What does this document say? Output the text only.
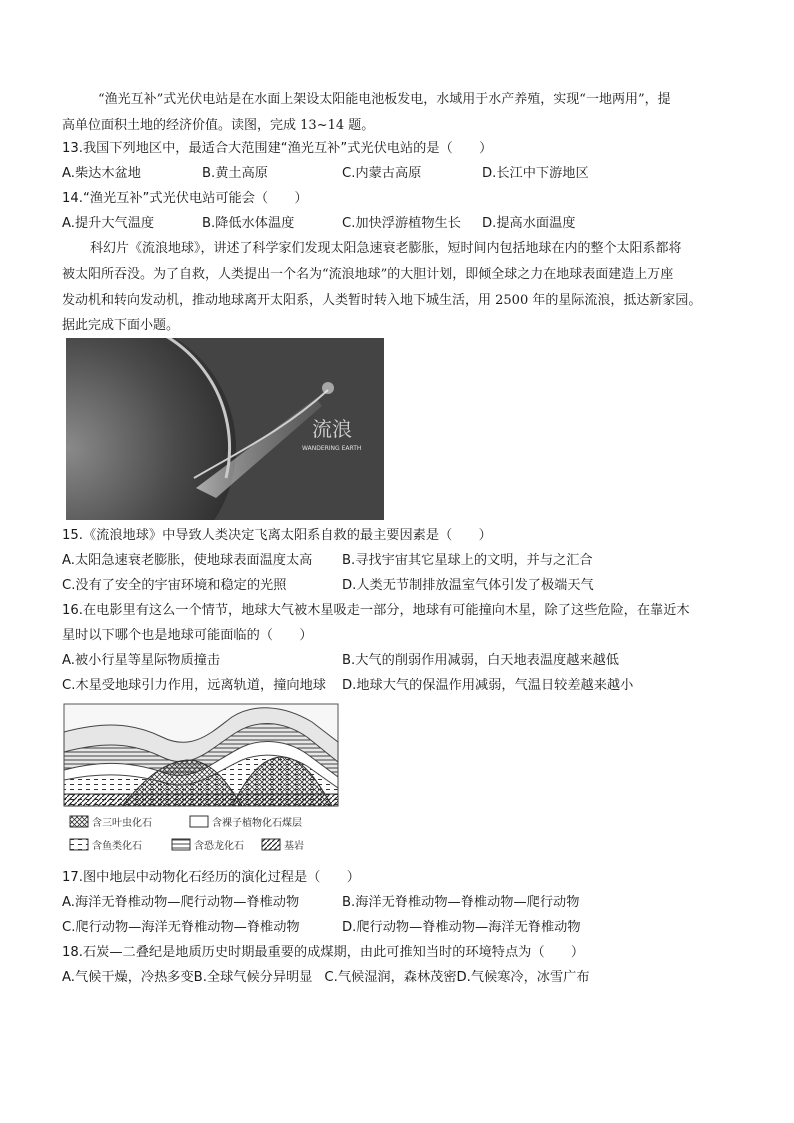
“渔光互补”式光伏电站是在水面上架设太阳能电池板发电，水域用于水产养殖，实现“一地两用”，提
高单位面积土地的经济价值。读图，完成 13~14 题。
13.我国下列地区中，最适合大范围建“渔光互补”式光伏电站的是（　　）
A.柴达木盆地	B.黄土高原	C.内蒙古高原	D.长江中下游地区
14.“渔光互补”式光伏电站可能会（　　）
A.提升大气温度	B.降低水体温度	C.加快浮游植物生长	D.提高水面温度
科幻片《流浪地球》，讲述了科学家们发现太阳急速衰老膨胀，短时间内包括地球在内的整个太阳系都将
被太阳所吞没。为了自救，人类提出一个名为“流浪地球”的大胆计划，即倾全球之力在地球表面建造上万座
发动机和转向发动机，推动地球离开太阳系，人类暂时转入地下城生活，用 2500 年的星际流浪，抵达新家园。
据此完成下面小题。
流浪
WANDERING EARTH
15.《流浪地球》中导致人类决定飞离太阳系自救的最主要因素是（　　）
A.太阳急速衰老膨胀，使地球表面温度太高	B.寻找宇宙其它星球上的文明，并与之汇合
C.没有了安全的宇宙环境和稳定的光照	D.人类无节制排放温室气体引发了极端天气
16.在电影里有这么一个情节，地球大气被木星吸走一部分，地球有可能撞向木星，除了这些危险，在靠近木
星时以下哪个也是地球可能面临的（　　）
A.被小行星等星际物质撞击	B.大气的削弱作用减弱，白天地表温度越来越低
C.木星受地球引力作用，远离轨道，撞向地球	D.地球大气的保温作用减弱，气温日较差越来越小
含三叶虫化石	含裸子植物化石煤层
含鱼类化石	含恐龙化石	基岩
17.图中地层中动物化石经历的演化过程是（　　）
A.海洋无脊椎动物—爬行动物—脊椎动物	B.海洋无脊椎动物—脊椎动物—爬行动物
C.爬行动物—海洋无脊椎动物—脊椎动物	D.爬行动物—脊椎动物—海洋无脊椎动物
18.石炭—二叠纪是地质历史时期最重要的成煤期，由此可推知当时的环境特点为（　　）
A.气候干燥，冷热多变 B.全球气候分异明显 C.气候湿润，森林茂密 D.气候寒冷，冰雪广布
